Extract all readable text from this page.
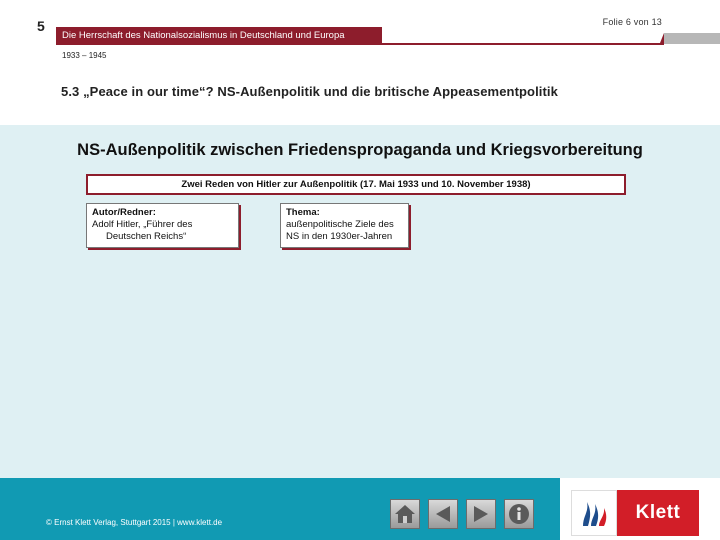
5	Folie 6 von 13
Die Herrschaft des Nationalsozialismus in Deutschland und Europa
1933 – 1945
5.3 „Peace in our time“? NS-Außenpolitik und die britische Appeasementpolitik
NS-Außenpolitik zwischen Friedenspropaganda und Kriegsvorbereitung
Zwei Reden von Hitler zur Außenpolitik (17. Mai 1933 und 10. November 1938)
Autor/Redner:
Adolf Hitler, „Führer des
Deutschen Reichs“
Thema:
außenpolitische Ziele des
NS in den 1930er-Jahren
© Ernst Klett Verlag, Stuttgart 2015 | www.klett.de	Klett
